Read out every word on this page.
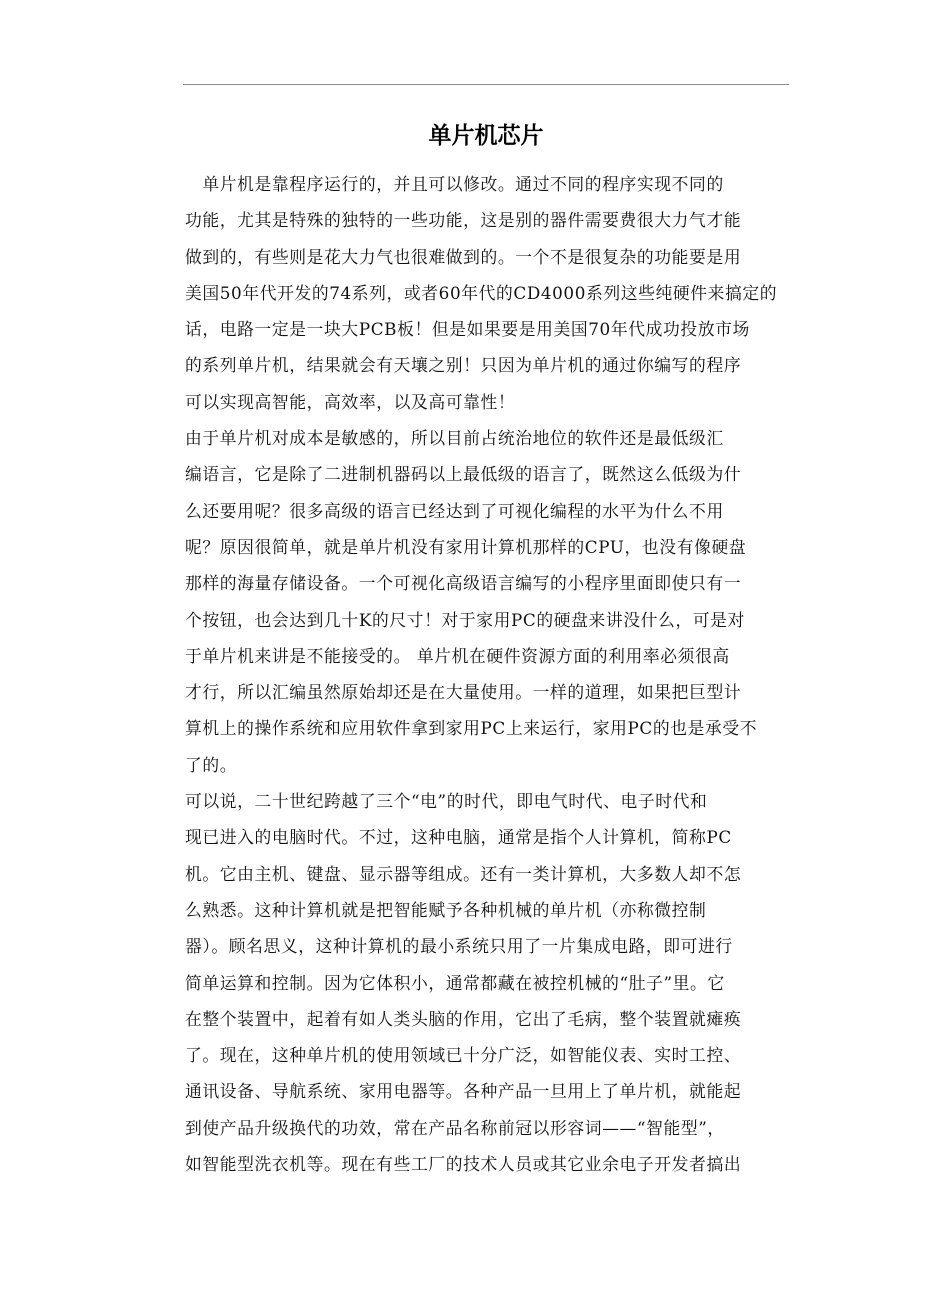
单片机芯片
　单片机是靠程序运行的，并且可以修改。通过不同的程序实现不同的
功能，尤其是特殊的独特的一些功能，这是别的器件需要费很大力气才能
做到的，有些则是花大力气也很难做到的。一个不是很复杂的功能要是用
美国50年代开发的74系列，或者60年代的CD4000系列这些纯硬件来搞定的
话，电路一定是一块大PCB板！但是如果要是用美国70年代成功投放市场
的系列单片机，结果就会有天壤之别！只因为单片机的通过你编写的程序
可以实现高智能，高效率，以及高可靠性！
由于单片机对成本是敏感的，所以目前占统治地位的软件还是最低级汇
编语言，它是除了二进制机器码以上最低级的语言了，既然这么低级为什
么还要用呢？很多高级的语言已经达到了可视化编程的水平为什么不用
呢？原因很简单，就是单片机没有家用计算机那样的CPU，也没有像硬盘
那样的海量存储设备。一个可视化高级语言编写的小程序里面即使只有一
个按钮，也会达到几十K的尺寸！对于家用PC的硬盘来讲没什么，可是对
于单片机来讲是不能接受的。 单片机在硬件资源方面的利用率必须很高
才行，所以汇编虽然原始却还是在大量使用。一样的道理，如果把巨型计
算机上的操作系统和应用软件拿到家用PC上来运行，家用PC的也是承受不
了的。
可以说，二十世纪跨越了三个“电”的时代，即电气时代、电子时代和
现已进入的电脑时代。不过，这种电脑，通常是指个人计算机，简称PC
机。它由主机、键盘、显示器等组成。还有一类计算机，大多数人却不怎
么熟悉。这种计算机就是把智能赋予各种机械的单片机（亦称微控制
器）。顾名思义，这种计算机的最小系统只用了一片集成电路，即可进行
简单运算和控制。因为它体积小，通常都藏在被控机械的“肚子”里。它
在整个装置中，起着有如人类头脑的作用，它出了毛病，整个装置就瘫痪
了。现在，这种单片机的使用领域已十分广泛，如智能仪表、实时工控、
通讯设备、导航系统、家用电器等。各种产品一旦用上了单片机，就能起
到使产品升级换代的功效，常在产品名称前冠以形容词——“智能型”，
如智能型洗衣机等。现在有些工厂的技术人员或其它业余电子开发者搞出
